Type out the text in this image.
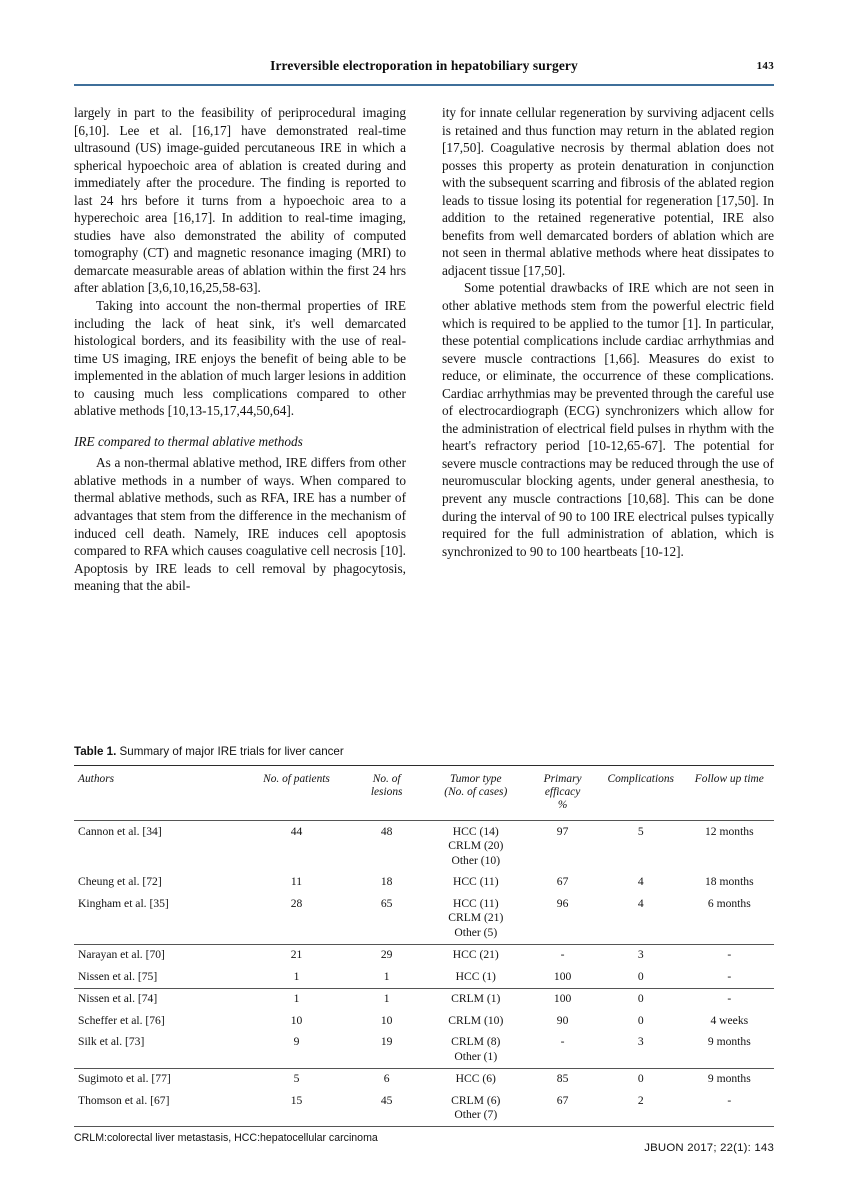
Irreversible electroporation in hepatobiliary surgery	143

largely in part to the feasibility of periprocedural imaging [6,10]. Lee et al. [16,17] have demonstrated real-time ultrasound (US) image-guided percutaneous IRE in which a spherical hypoechoic area of ablation is created during and immediately after the procedure. The finding is reported to last 24 hrs before it turns from a hypoechoic area to a hyperechoic area [16,17]. In addition to real-time imaging, studies have also demonstrated the ability of computed tomography (CT) and magnetic resonance imaging (MRI) to demarcate measurable areas of ablation within the first 24 hrs after ablation [3,6,10,16,25,58-63].

Taking into account the non-thermal properties of IRE including the lack of heat sink, it's well demarcated histological borders, and its feasibility with the use of real-time US imaging, IRE enjoys the benefit of being able to be implemented in the ablation of much larger lesions in addition to causing much less complications compared to other ablative methods [10,13-15,17,44,50,64].

IRE compared to thermal ablative methods

As a non-thermal ablative method, IRE differs from other ablative methods in a number of ways. When compared to thermal ablative methods, such as RFA, IRE has a number of advantages that stem from the difference in the mechanism of induced cell death. Namely, IRE induces cell apoptosis compared to RFA which causes coagulative cell necrosis [10]. Apoptosis by IRE leads to cell removal by phagocytosis, meaning that the abil-

ity for innate cellular regeneration by surviving adjacent cells is retained and thus function may return in the ablated region [17,50]. Coagulative necrosis by thermal ablation does not posses this property as protein denaturation in conjunction with the subsequent scarring and fibrosis of the ablated region leads to tissue losing its potential for regeneration [17,50]. In addition to the retained regenerative potential, IRE also benefits from well demarcated borders of ablation which are not seen in thermal ablative methods where heat dissipates to adjacent tissue [17,50].

Some potential drawbacks of IRE which are not seen in other ablative methods stem from the powerful electric field which is required to be applied to the tumor [1]. In particular, these potential complications include cardiac arrhythmias and severe muscle contractions [1,66]. Measures do exist to reduce, or eliminate, the occurrence of these complications. Cardiac arrhythmias may be prevented through the careful use of electrocardiograph (ECG) synchronizers which allow for the administration of electrical field pulses in rhythm with the heart's refractory period [10-12,65-67]. The potential for severe muscle contractions may be reduced through the use of neuromuscular blocking agents, under general anesthesia, to prevent any muscle contractions [10,68]. This can be done during the interval of 90 to 100 IRE electrical pulses typically required for the full administration of ablation, which is synchronized to 90 to 100 heartbeats [10-12].

Table 1. Summary of major IRE trials for liver cancer
Authors	No. of patients	No. of
lesions	Tumor type
(No. of cases)	Primary
efficacy
%	Complications	Follow up time
Cannon et al. [34]	44	48	HCC (14)
CRLM (20)
Other (10)	97	5	12 months
Cheung et al. [72]	11	18	HCC (11)	67	4	18 months
Kingham et al. [35]	28	65	HCC (11)
CRLM (21)
Other (5)	96	4	6 months
Narayan et al. [70]	21	29	HCC (21)	-	3	-
Nissen et al. [75]	1	1	HCC (1)	100	0	-
Nissen et al. [74]	1	1	CRLM (1)	100	0	-
Scheffer et al. [76]	10	10	CRLM (10)	90	0	4 weeks
Silk et al. [73]	9	19	CRLM (8)
Other (1)	-	3	9 months
Sugimoto et al. [77]	5	6	HCC (6)	85	0	9 months
Thomson et al. [67]	15	45	CRLM (6)
Other (7)	67	2	-
CRLM:colorectal liver metastasis, HCC:hepatocellular carcinoma
JBUON 2017; 22(1): 143
